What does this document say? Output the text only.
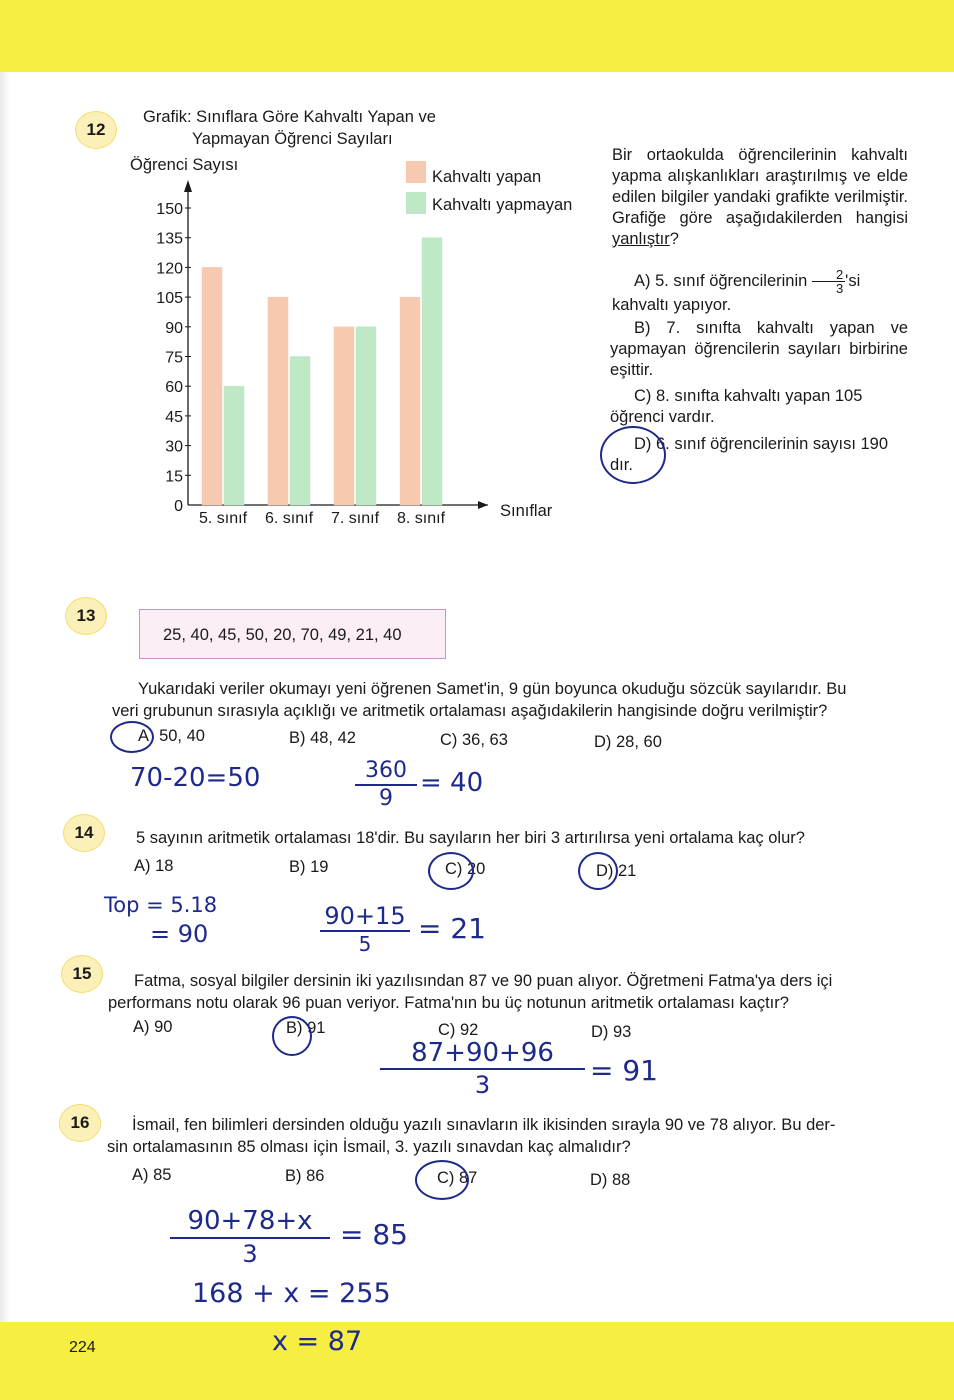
12
Grafik: Sınıflara Göre Kahvaltı Yapan ve
Yapmayan Öğrenci Sayıları
Öğrenci Sayısı
0
15
30
45
60
75
90
105
120
135
150
5. sınıf 6. sınıf 7. sınıf 8. sınıf	Sınıflar
Kahvaltı yapan
Kahvaltı yapmayan
Bir ortaokulda öğrencilerinin kahvaltı yapma alışkanlıkları araştırılmış ve elde edilen bilgiler yandaki grafikte verilmiştir. Grafiğe göre aşağıdakilerden hangisi yanlıştır?
A) 5. sınıf öğrencilerinin $\frac{2}{3}$ 'si kahvaltı yapıyor.
B) 7. sınıfta kahvaltı yapan ve yapmayan öğrencilerin sayıları birbirine eşittir.
C) 8. sınıfta kahvaltı yapan 105 öğrenci vardır.
D) 6. sınıf öğrencilerinin sayısı 190 dır.
13
25, 40, 45, 50, 20, 70, 49, 21, 40
Yukarıdaki veriler okumayı yeni öğrenen Samet'in, 9 gün boyunca okuduğu sözcük sayılarıdır. Bu
veri grubunun sırasıyla açıklığı ve aritmetik ortalaması aşağıdakilerin hangisinde doğru verilmiştir?
A) 50, 40	B) 48, 42	C) 36, 63	D) 28, 60
70-20=50	360
9
= 40
14	5 sayının aritmetik ortalaması 18'dir. Bu sayıların her biri 3 artırılırsa yeni ortalama kaç olur?
A) 18	B) 19	C) 20	D) 21
Top = 5.18
= 90
90+15
5	= 21
15	Fatma, sosyal bilgiler dersinin iki yazılısından 87 ve 90 puan alıyor. Öğretmeni Fatma'ya ders içi
performans notu olarak 96 puan veriyor. Fatma'nın bu üç notunun aritmetik ortalaması kaçtır?
A) 90	B) 91	C) 92	D) 93
87+90+96
3	= 91
16	İsmail, fen bilimleri dersinden olduğu yazılı sınavların ilk ikisinden sırayla 90 ve 78 alıyor. Bu der-
sin ortalamasının 85 olması için İsmail, 3. yazılı sınavdan kaç almalıdır?
A) 85	B) 86	C) 87	D) 88
90+78+x
3
= 85
168 + x = 255
224	x = 87
